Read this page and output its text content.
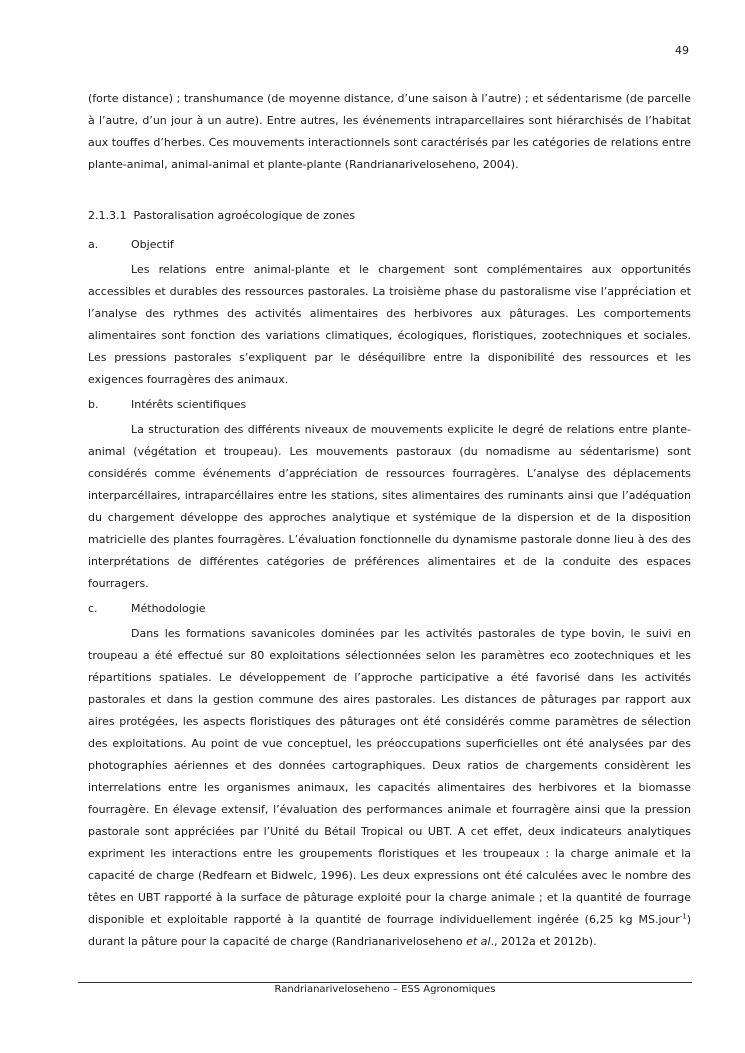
49

(forte distance) ; transhumance (de moyenne distance, d’une saison à l’autre) ; et sédentarisme (de parcelle à l’autre, d’un jour à un autre). Entre autres, les événements intraparcellaires sont hiérarchisés de l’habitat aux touffes d’herbes. Ces mouvements interactionnels sont caractérisés par les catégories de relations entre plante-animal, animal-animal et plante-plante (Randrianariveloseheno, 2004).

2.1.3.1 Pastoralisation agroécologique de zones

a.	Objectif

Les relations entre animal-plante et le chargement sont complémentaires aux opportunités accessibles et durables des ressources pastorales. La troisième phase du pastoralisme vise l’appréciation et l’analyse des rythmes des activités alimentaires des herbivores aux pâturages. Les comportements alimentaires sont fonction des variations climatiques, écologiques, floristiques, zootechniques et sociales. Les pressions pastorales s’expliquent par le déséquilibre entre la disponibilité des ressources et les exigences fourragères des animaux.

b.	Intérêts scientifiques

La structuration des différents niveaux de mouvements explicite le degré de relations entre plante-animal (végétation et troupeau). Les mouvements pastoraux (du nomadisme au sédentarisme) sont considérés comme événements d’appréciation de ressources fourragères. L’analyse des déplacements interparcéllaires, intraparcéllaires entre les stations, sites alimentaires des ruminants ainsi que l’adéquation du chargement développe des approches analytique et systémique de la dispersion et de la disposition matricielle des plantes fourragères. L’évaluation fonctionnelle du dynamisme pastorale donne lieu à des des interprétations de différentes catégories de préférences alimentaires et de la conduite des espaces fourragers.

c.	Méthodologie

Dans les formations savanicoles dominées par les activités pastorales de type bovin, le suivi en troupeau a été effectué sur 80 exploitations sélectionnées selon les paramètres eco zootechniques et les répartitions spatiales. Le développement de l’approche participative a été favorisé dans les activités pastorales et dans la gestion commune des aires pastorales. Les distances de pâturages par rapport aux aires protégées, les aspects floristiques des pâturages ont été considérés comme paramètres de sélection des exploitations. Au point de vue conceptuel, les préoccupations superficielles ont été analysées par des photographies aériennes et des données cartographiques. Deux ratios de chargements considèrent les interrelations entre les organismes animaux, les capacités alimentaires des herbivores et la biomasse fourragère. En élevage extensif, l’évaluation des performances animale et fourragère ainsi que la pression pastorale sont appréciées par l’Unité du Bétail Tropical ou UBT. A cet effet, deux indicateurs analytiques expriment les interactions entre les groupements floristiques et les troupeaux : la charge animale et la capacité de charge (Redfearn et Bidwelc, 1996). Les deux expressions ont été calculées avec le nombre des têtes en UBT rapporté à la surface de pâturage exploité pour la charge animale ; et la quantité de fourrage disponible et exploitable rapporté à la quantité de fourrage individuellement ingérée (6,25 kg MS.jour$^{-1}$) durant la pâture pour la capacité de charge (Randrianariveloseheno et al., 2012a et 2012b).

Randrianariveloseheno – ESS Agronomiques
